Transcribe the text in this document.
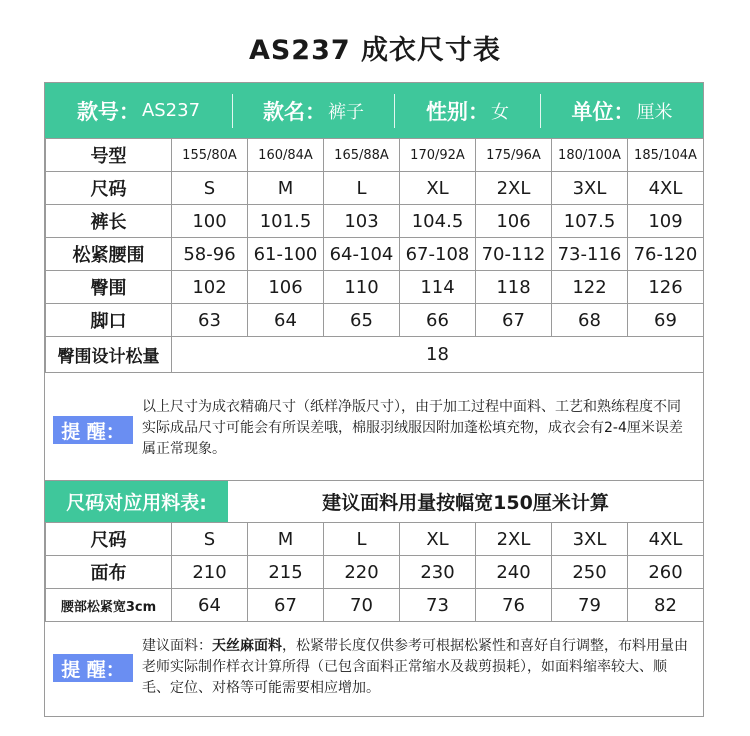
AS237 成衣尺寸表
款号： AS237	款名： 裤子	性别： 女	单位： 厘米
号型	155/80A	160/84A	165/88A	170/92A	175/96A	180/100A	185/104A
尺码	S	M	L	XL	2XL	3XL	4XL
裤长	100	101.5	103	104.5	106	107.5	109
松紧腰围	58-96	61-100	64-104	67-108	70-112	73-116	76-120
臀围	102	106	110	114	118	122	126
脚口	63	64	65	66	67	68	69
臀围设计松量	18						
提 醒：
以上尺寸为成衣精确尺寸（纸样净版尺寸），由于加工过程中面料、工艺和熟练程度不同实际成品尺寸可能会有所误差哦，棉服羽绒服因附加蓬松填充物，成衣会有2-4厘米误差属正常现象。
尺码对应用料表:	建议面料用量按幅宽150厘米计算
尺码	S	M	L	XL	2XL	3XL	4XL
面布	210	215	220	230	240	250	260
腰部松紧宽3cm	64	67	70	73	76	79	82
提 醒：
建议面料：天丝麻面料，松紧带长度仅供参考可根据松紧性和喜好自行调整，布料用量由老师实际制作样衣计算所得（已包含面料正常缩水及裁剪损耗），如面料缩率较大、顺毛、定位、对格等可能需要相应增加。
